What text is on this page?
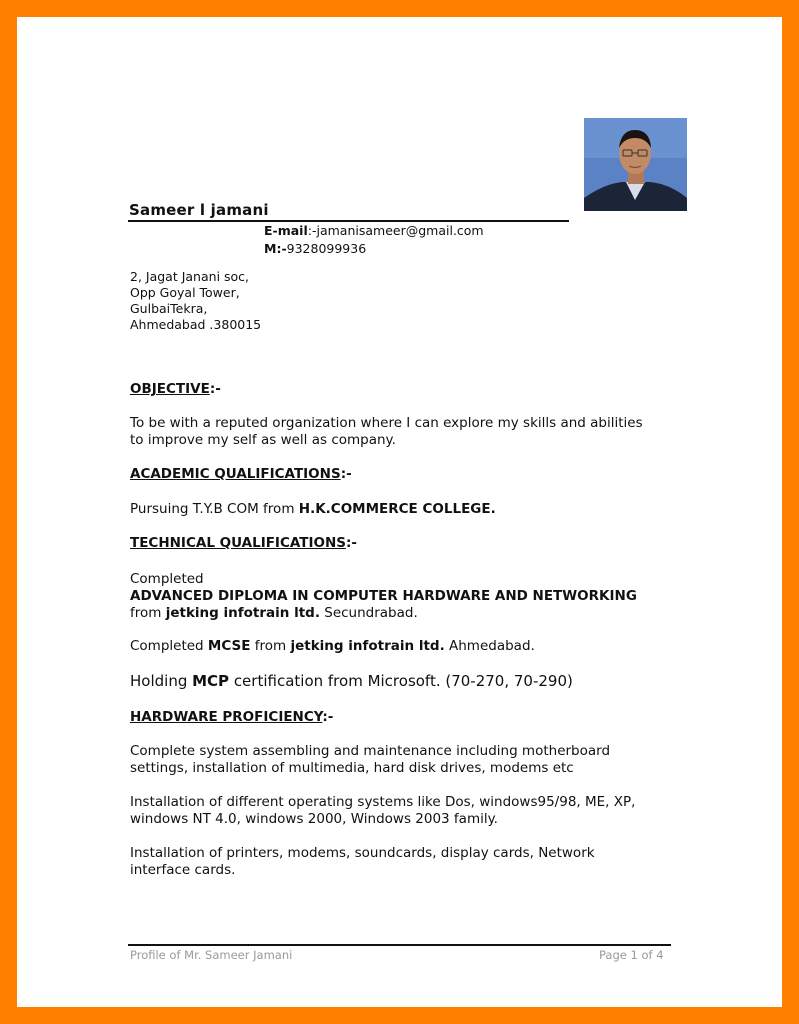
Sameer l jamani
E-mail:-jamanisameer@gmail.com
M:-9328099936
2, Jagat Janani soc,
Opp Goyal Tower,
GulbaiTekra,
Ahmedabad .380015
OBJECTIVE:-
To be with a reputed organization where I can explore my skills and abilities
to improve my self as well as company.
ACADEMIC QUALIFICATIONS:-
Pursuing T.Y.B COM from H.K.COMMERCE COLLEGE.
TECHNICAL QUALIFICATIONS:-
Completed
ADVANCED DIPLOMA IN COMPUTER HARDWARE AND NETWORKING
from jetking infotrain ltd. Secundrabad.
Completed MCSE from jetking infotrain ltd. Ahmedabad.
Holding MCP certification from Microsoft. (70-270, 70-290)
HARDWARE PROFICIENCY:-
Complete system assembling and maintenance including motherboard
settings, installation of multimedia, hard disk drives, modems etc
Installation of different operating systems like Dos, windows95/98, ME, XP,
windows NT 4.0, windows 2000, Windows 2003 family.
Installation of printers, modems, soundcards, display cards, Network
interface cards.
Profile of Mr. Sameer Jamani	Page 1 of 4
